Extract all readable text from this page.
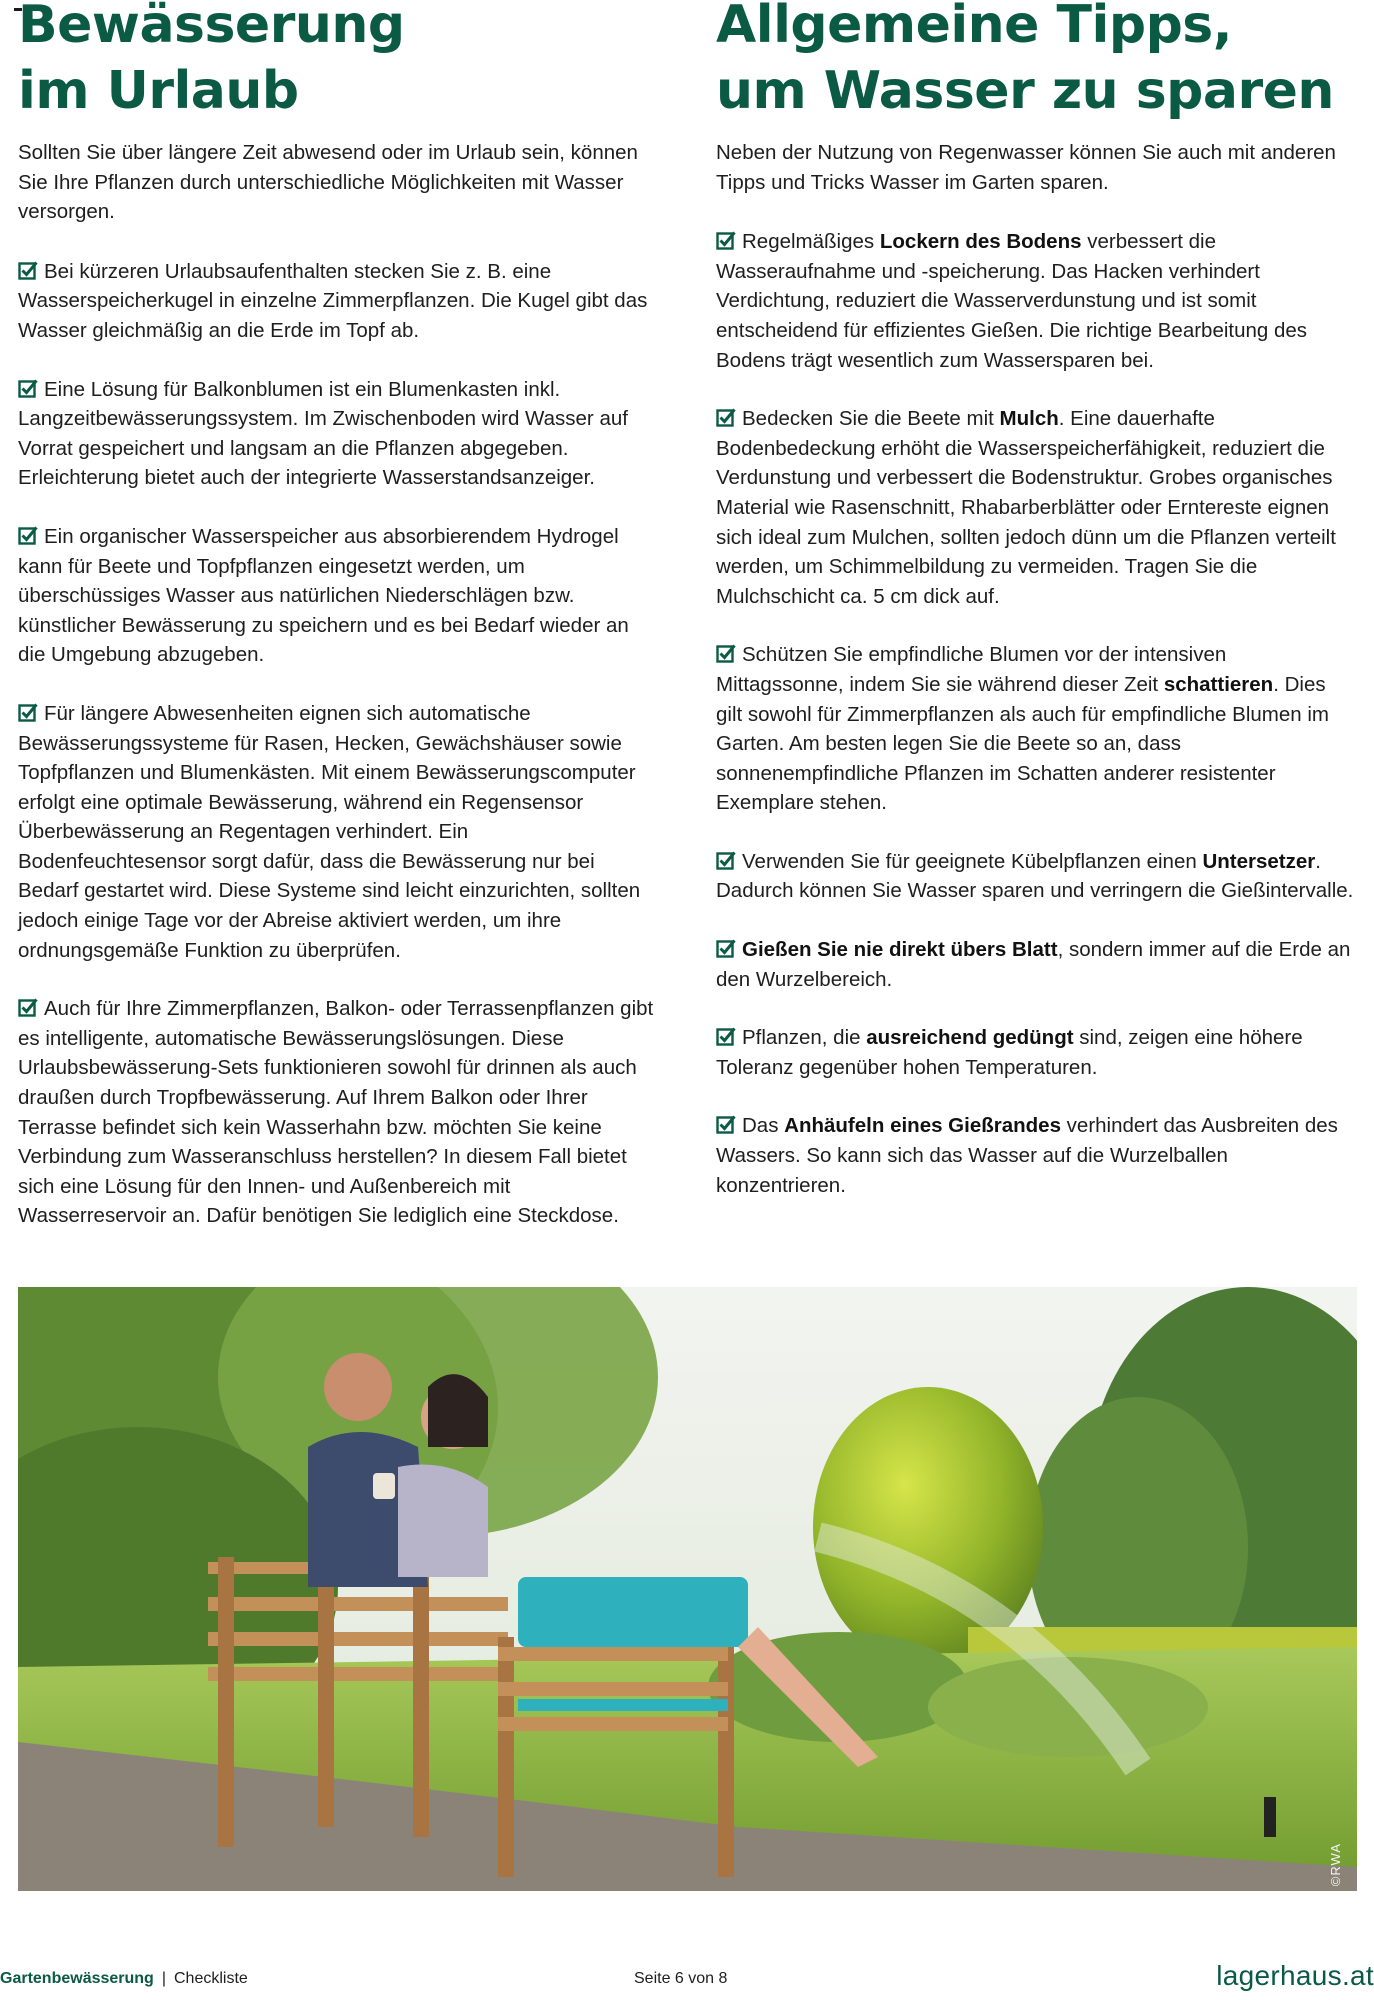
Bewässerung
im Urlaub

Sollten Sie über längere Zeit abwesend oder im Urlaub sein, können Sie Ihre Pflanzen durch unterschiedliche Möglichkeiten mit Wasser versorgen.

Bei kürzeren Urlaubsaufenthalten stecken Sie z. B. eine Wasserspeicherkugel in einzelne Zimmerpflanzen. Die Kugel gibt das Wasser gleichmäßig an die Erde im Topf ab.

Eine Lösung für Balkonblumen ist ein Blumenkasten inkl. Langzeitbewässerungssystem. Im Zwischenboden wird Wasser auf Vorrat gespeichert und langsam an die Pflanzen abgegeben. Erleichterung bietet auch der integrierte Wasserstandsanzeiger.

Ein organischer Wasserspeicher aus absorbierendem Hydrogel kann für Beete und Topfpflanzen eingesetzt werden, um überschüssiges Wasser aus natürlichen Niederschlägen bzw. künstlicher Bewässerung zu speichern und es bei Bedarf wieder an die Umgebung abzugeben.

Für längere Abwesenheiten eignen sich automatische Bewässerungssysteme für Rasen, Hecken, Gewächshäuser sowie Topfpflanzen und Blumenkästen. Mit einem Bewässerungscomputer erfolgt eine optimale Bewässerung, während ein Regensensor Überbewässerung an Regentagen verhindert. Ein Bodenfeuchtesensor sorgt dafür, dass die Bewässerung nur bei Bedarf gestartet wird. Diese Systeme sind leicht einzurichten, sollten jedoch einige Tage vor der Abreise aktiviert werden, um ihre ordnungsgemäße Funktion zu überprüfen.

Auch für Ihre Zimmerpflanzen, Balkon- oder Terrassenpflanzen gibt es intelligente, automatische Bewässerungslösungen. Diese Urlaubsbewässerung-Sets funktionieren sowohl für drinnen als auch draußen durch Tropfbewässerung. Auf Ihrem Balkon oder Ihrer Terrasse befindet sich kein Wasserhahn bzw. möchten Sie keine Verbindung zum Wasseranschluss herstellen? In diesem Fall bietet sich eine Lösung für den Innen- und Außenbereich mit Wasserreservoir an. Dafür benötigen Sie lediglich eine Steckdose.

Allgemeine Tipps,
um Wasser zu sparen

Neben der Nutzung von Regenwasser können Sie auch mit anderen Tipps und Tricks Wasser im Garten sparen.

Regelmäßiges Lockern des Bodens verbessert die Wasseraufnahme und -speicherung. Das Hacken verhindert Verdichtung, reduziert die Wasserverdunstung und ist somit entscheidend für effizientes Gießen. Die richtige Bearbeitung des Bodens trägt wesentlich zum Wassersparen bei.

Bedecken Sie die Beete mit Mulch. Eine dauerhafte Bodenbedeckung erhöht die Wasserspeicherfähigkeit, reduziert die Verdunstung und verbessert die Bodenstruktur. Grobes organisches Material wie Rasenschnitt, Rhabarberblätter oder Erntereste eignen sich ideal zum Mulchen, sollten jedoch dünn um die Pflanzen verteilt werden, um Schimmelbildung zu vermeiden. Tragen Sie die Mulchschicht ca. 5 cm dick auf.

Schützen Sie empfindliche Blumen vor der intensiven Mittagssonne, indem Sie sie während dieser Zeit schattieren. Dies gilt sowohl für Zimmerpflanzen als auch für empfindliche Blumen im Garten. Am besten legen Sie die Beete so an, dass sonnenempfindliche Pflanzen im Schatten anderer resistenter Exemplare stehen.

Verwenden Sie für geeignete Kübelpflanzen einen Untersetzer. Dadurch können Sie Wasser sparen und verringern die Gießintervalle.

Gießen Sie nie direkt übers Blatt, sondern immer auf die Erde an den Wurzelbereich.

Pflanzen, die ausreichend gedüngt sind, zeigen eine höhere Toleranz gegenüber hohen Temperaturen.

Das Anhäufeln eines Gießrandes verhindert das Ausbreiten des Wassers. So kann sich das Wasser auf die Wurzelballen konzentrieren.

©RWA
Gartenbewässerung | Checkliste	Seite 6 von 8	lagerhaus.at
